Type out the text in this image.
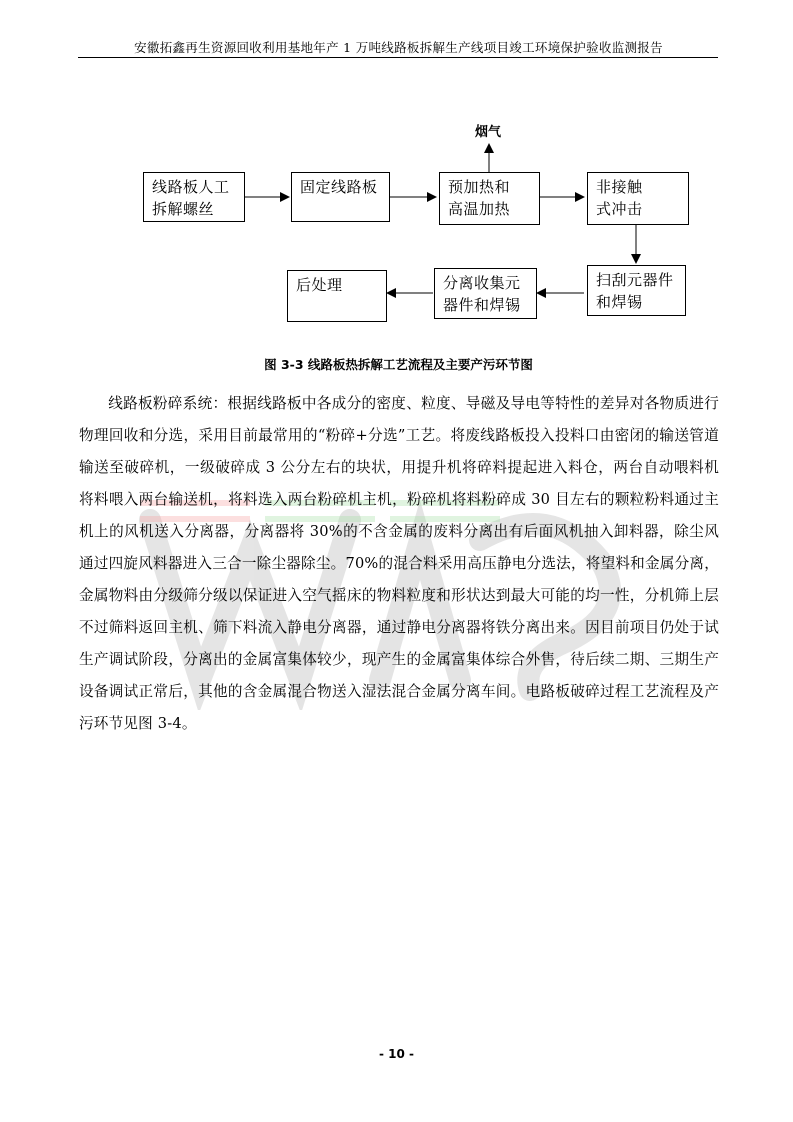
安徽拓鑫再生资源回收利用基地年产 1 万吨线路板拆解生产线项目竣工环境保护验收监测报告
烟气
线路板人工
拆解螺丝
固定线路板	预加热和
高温加热
非接触
式冲击
扫刮元器件
和焊锡
分离收集元
器件和焊锡
后处理
图 3-3 线路板热拆解工艺流程及主要产污环节图
线路板粉碎系统：根据线路板中各成分的密度、粒度、导磁及导电等特性的差异对各物质进行物理回收和分选，采用目前最常用的“粉碎+分选”工艺。将废线路板投入投料口由密闭的输送管道输送至破碎机，一级破碎成 3 公分左右的块状，用提升机将碎料提起进入料仓，两台自动喂料机将料喂入两台输送机，将料选入两台粉碎机主机，粉碎机将料粉碎成 30 目左右的颗粒粉料通过主机上的风机送入分离器，分离器将 30%的不含金属的废料分离出有后面风机抽入卸料器，除尘风通过四旋风料器进入三合一除尘器除尘。70%的混合料采用高压静电分选法，将望料和金属分离，金属物料由分级筛分级以保证进入空气摇床的物料粒度和形状达到最大可能的均一性，分机筛上层不过筛料返回主机、筛下料流入静电分离器，通过静电分离器将铁分离出来。因目前项目仍处于试生产调试阶段，分离出的金属富集体较少，现产生的金属富集体综合外售，待后续二期、三期生产设备调试正常后，其他的含金属混合物送入湿法混合金属分离车间。电路板破碎过程工艺流程及产污环节见图 3-4。
- 10 -
